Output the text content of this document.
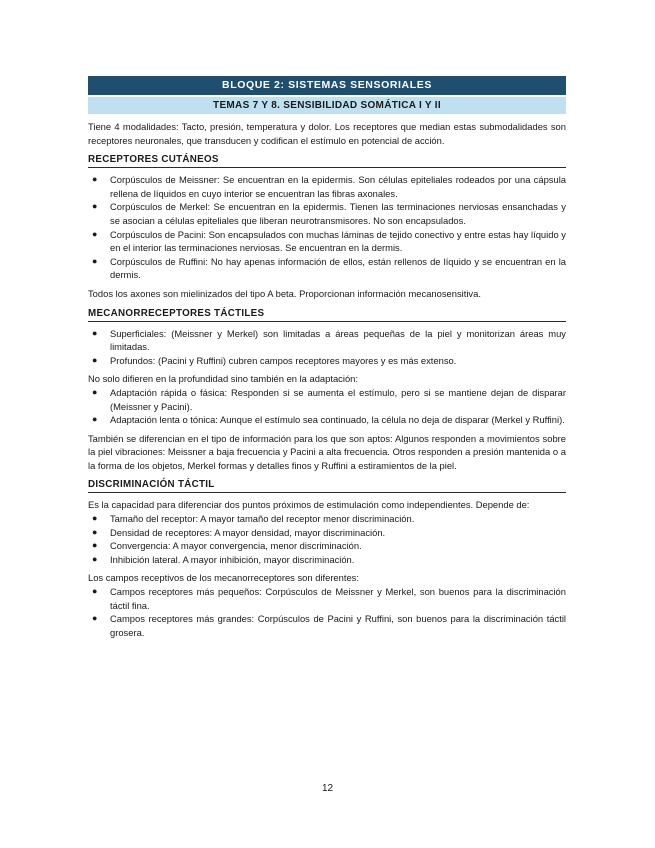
BLOQUE 2: SISTEMAS SENSORIALES
TEMAS 7 Y 8. SENSIBILIDAD SOMÁTICA I Y II

Tiene 4 modalidades: Tacto, presión, temperatura y dolor. Los receptores que median estas submodalidades son receptores neuronales, que transducen y codifican el estímulo en potencial de acción.

RECEPTORES CUTÁNEOS
● Corpúsculos de Meissner: Se encuentran en la epidermis. Son células epiteliales rodeados por una cápsula rellena de líquidos en cuyo interior se encuentran las fibras axonales.
● Corpúsculos de Merkel: Se encuentran en la epidermis. Tienen las terminaciones nerviosas ensanchadas y se asocian a células epiteliales que liberan neurotransmisores. No son encapsulados.
● Corpúsculos de Pacini: Son encapsulados con muchas láminas de tejido conectivo y entre estas hay líquido y en el interior las terminaciones nerviosas. Se encuentran en la dermis.
● Corpúsculos de Ruffini: No hay apenas información de ellos, están rellenos de líquido y se encuentran en la dermis.

Todos los axones son mielinizados del tipo A beta. Proporcionan información mecanosensitiva.

MECANORRECEPTORES TÁCTILES
● Superficiales: (Meissner y Merkel) son limitadas a áreas pequeñas de la piel y monitorizan áreas muy limitadas.
● Profundos: (Pacini y Ruffini) cubren campos receptores mayores y es más extenso.

No solo difieren en la profundidad sino también en la adaptación:

● Adaptación rápida o fásica: Responden si se aumenta el estímulo, pero si se mantiene dejan de disparar (Meissner y Pacini).
● Adaptación lenta o tónica: Aunque el estímulo sea continuado, la célula no deja de disparar (Merkel y Ruffini).

También se diferencian en el tipo de información para los que son aptos: Algunos responden a movimientos sobre la piel vibraciones: Meissner a baja frecuencia y Pacini a alta frecuencia. Otros responden a presión mantenida o a la forma de los objetos, Merkel formas y detalles finos y Ruffini a estiramientos de la piel.

DISCRIMINACIÓN TÁCTIL

Es la capacidad para diferenciar dos puntos próximos de estimulación como independientes. Depende de:

● Tamaño del receptor: A mayor tamaño del receptor menor discriminación.
● Densidad de receptores: A mayor densidad, mayor discriminación.
● Convergencia: A mayor convergencia, menor discriminación.
● Inhibición lateral. A mayor inhibición, mayor discriminación.

Los campos receptivos de los mecanorreceptores son diferentes:

● Campos receptores más pequeños: Corpúsculos de Meissner y Merkel, son buenos para la discriminación táctil fina.
● Campos receptores más grandes: Corpúsculos de Pacini y Ruffini, son buenos para la discriminación táctil grosera.
12
